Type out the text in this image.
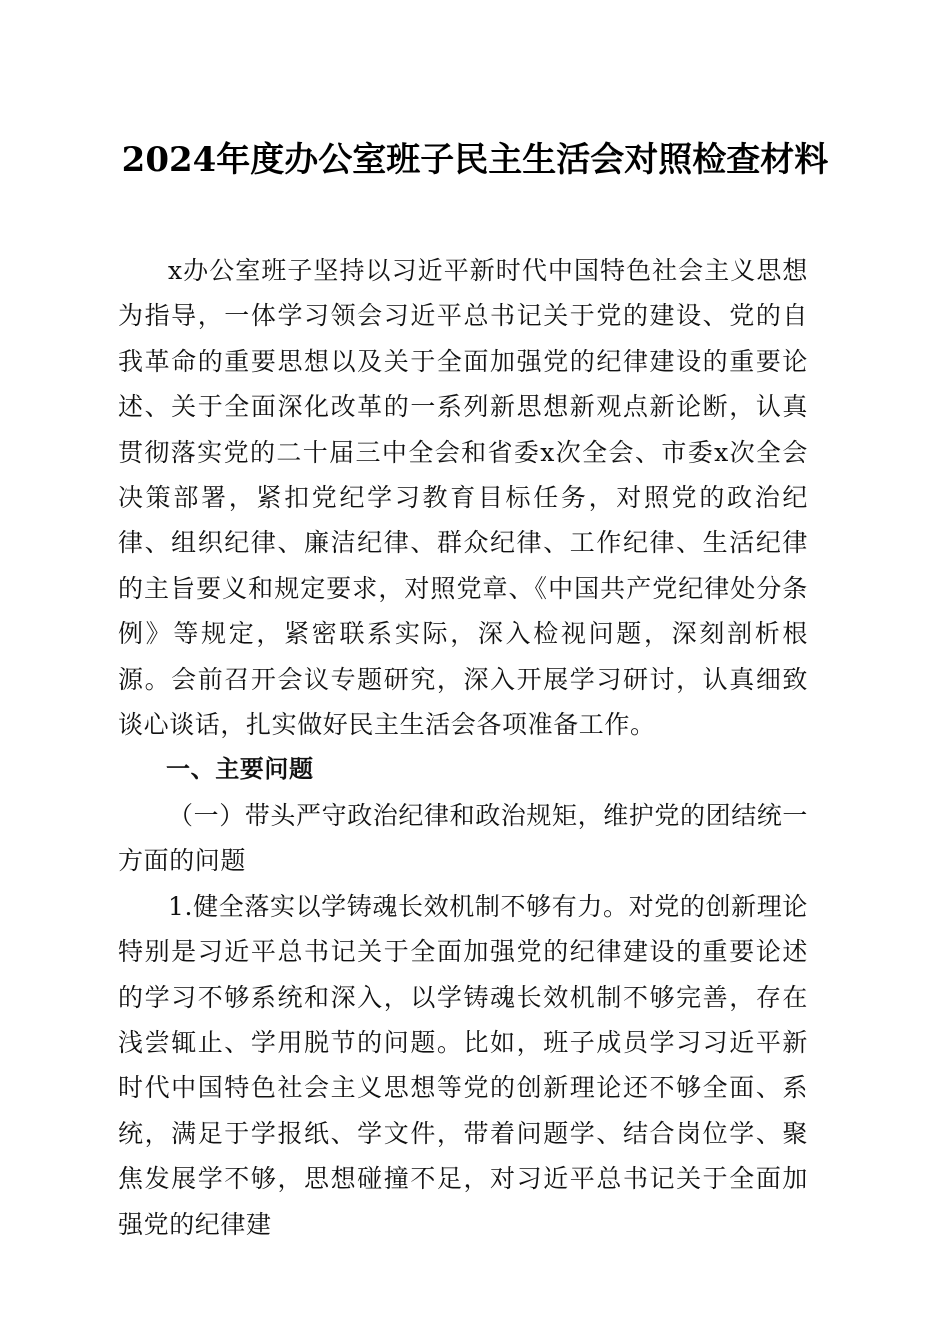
2024年度办公室班子民主生活会对照检查材料

x办公室班子坚持以习近平新时代中国特色社会主义思想为指导，一体学习领会习近平总书记关于党的建设、党的自我革命的重要思想以及关于全面加强党的纪律建设的重要论述、关于全面深化改革的一系列新思想新观点新论断，认真贯彻落实党的二十届三中全会和省委x次全会、市委x次全会决策部署，紧扣党纪学习教育目标任务，对照党的政治纪律、组织纪律、廉洁纪律、群众纪律、工作纪律、生活纪律的主旨要义和规定要求，对照党章、《中国共产党纪律处分条例》等规定，紧密联系实际，深入检视问题，深刻剖析根源。会前召开会议专题研究，深入开展学习研讨，认真细致谈心谈话，扎实做好民主生活会各项准备工作。

一、主要问题

（一）带头严守政治纪律和政治规矩，维护党的团结统一方面的问题

1.健全落实以学铸魂长效机制不够有力。对党的创新理论特别是习近平总书记关于全面加强党的纪律建设的重要论述的学习不够系统和深入，以学铸魂长效机制不够完善，存在浅尝辄止、学用脱节的问题。比如，班子成员学习习近平新时代中国特色社会主义思想等党的创新理论还不够全面、系统，满足于学报纸、学文件，带着问题学、结合岗位学、聚焦发展学不够，思想碰撞不足，对习近平总书记关于全面加强党的纪律建
